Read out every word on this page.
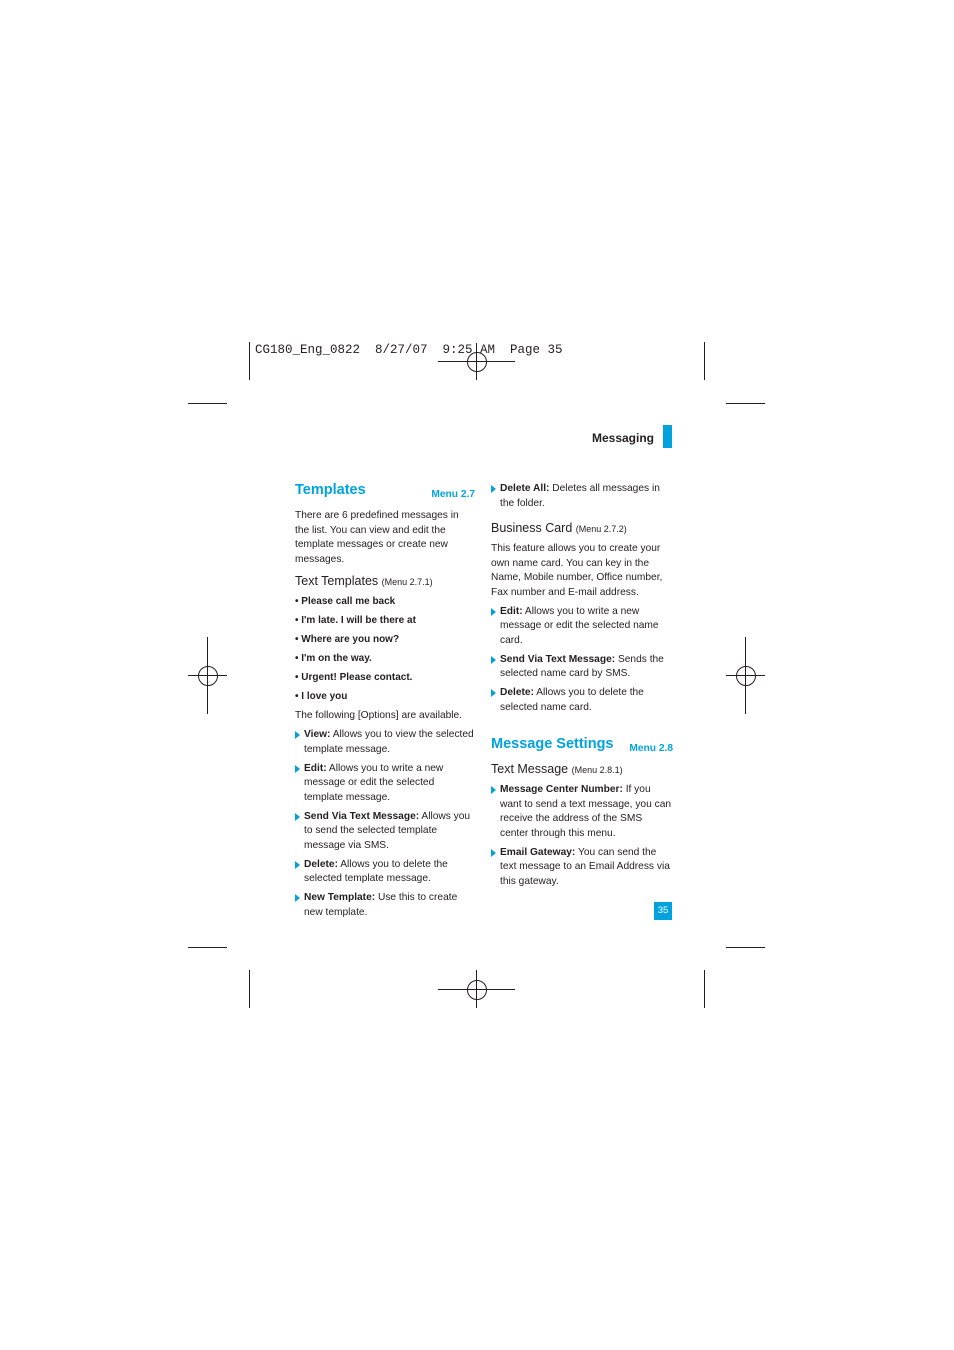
CG180_Eng_0822  8/27/07  9:25 AM  Page 35
Messaging
Templates	Menu 2.7

There are 6 predefined messages in the list. You can view and edit the template messages or create new messages.

Text Templates (Menu 2.7.1)

• Please call me back

• I'm late. I will be there at

• Where are you now?

• I'm on the way.

• Urgent! Please contact.

• I love you

The following [Options] are available.

View: Allows you to view the selected template message.

Edit: Allows you to write a new message or edit the selected template message.

Send Via Text Message: Allows you to send the selected template message via SMS.

Delete: Allows you to delete the selected template message.

New Template: Use this to create new template.

Delete All: Deletes all messages in the folder.

Business Card (Menu 2.7.2)

This feature allows you to create your own name card. You can key in the Name, Mobile number, Office number, Fax number and E-mail address.

Edit: Allows you to write a new message or edit the selected name card.

Send Via Text Message: Sends the selected name card by SMS.

Delete: Allows you to delete the selected name card.

Message Settings Menu 2.8

Text Message (Menu 2.8.1)

Message Center Number: If you want to send a text message, you can receive the address of the SMS center through this menu.

Email Gateway: You can send the text message to an Email Address via this gateway.

35
